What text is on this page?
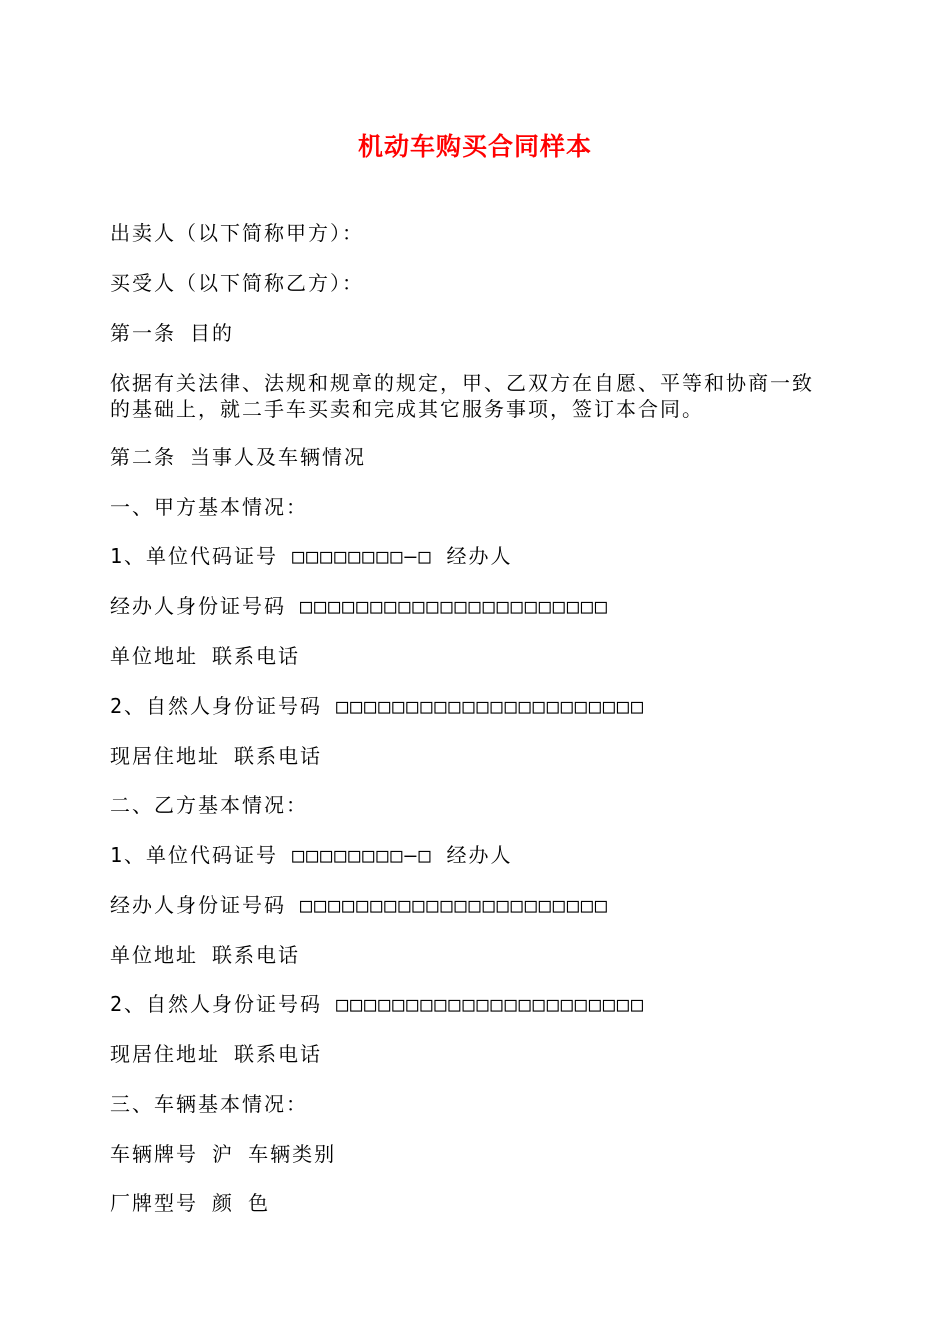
机动车购买合同样本

出卖人（以下简称甲方）：

买受人（以下简称乙方）：

第一条 目的

依据有关法律、法规和规章的规定，甲、乙双方在自愿、平等和协商一致

的基础上，就二手车买卖和完成其它服务事项，签订本合同。

第二条 当事人及车辆情况

一、甲方基本情况：

1、单位代码证号 □□□□□□□□—□ 经办人

经办人身份证号码 □□□□□□□□□□□□□□□□□□□□□□

单位地址 联系电话

2、自然人身份证号码 □□□□□□□□□□□□□□□□□□□□□□

现居住地址 联系电话

二、乙方基本情况：

1、单位代码证号 □□□□□□□□—□ 经办人

经办人身份证号码 □□□□□□□□□□□□□□□□□□□□□□

单位地址 联系电话

2、自然人身份证号码 □□□□□□□□□□□□□□□□□□□□□□

现居住地址 联系电话

三、车辆基本情况：

车辆牌号 沪 车辆类别

厂牌型号 颜 色
